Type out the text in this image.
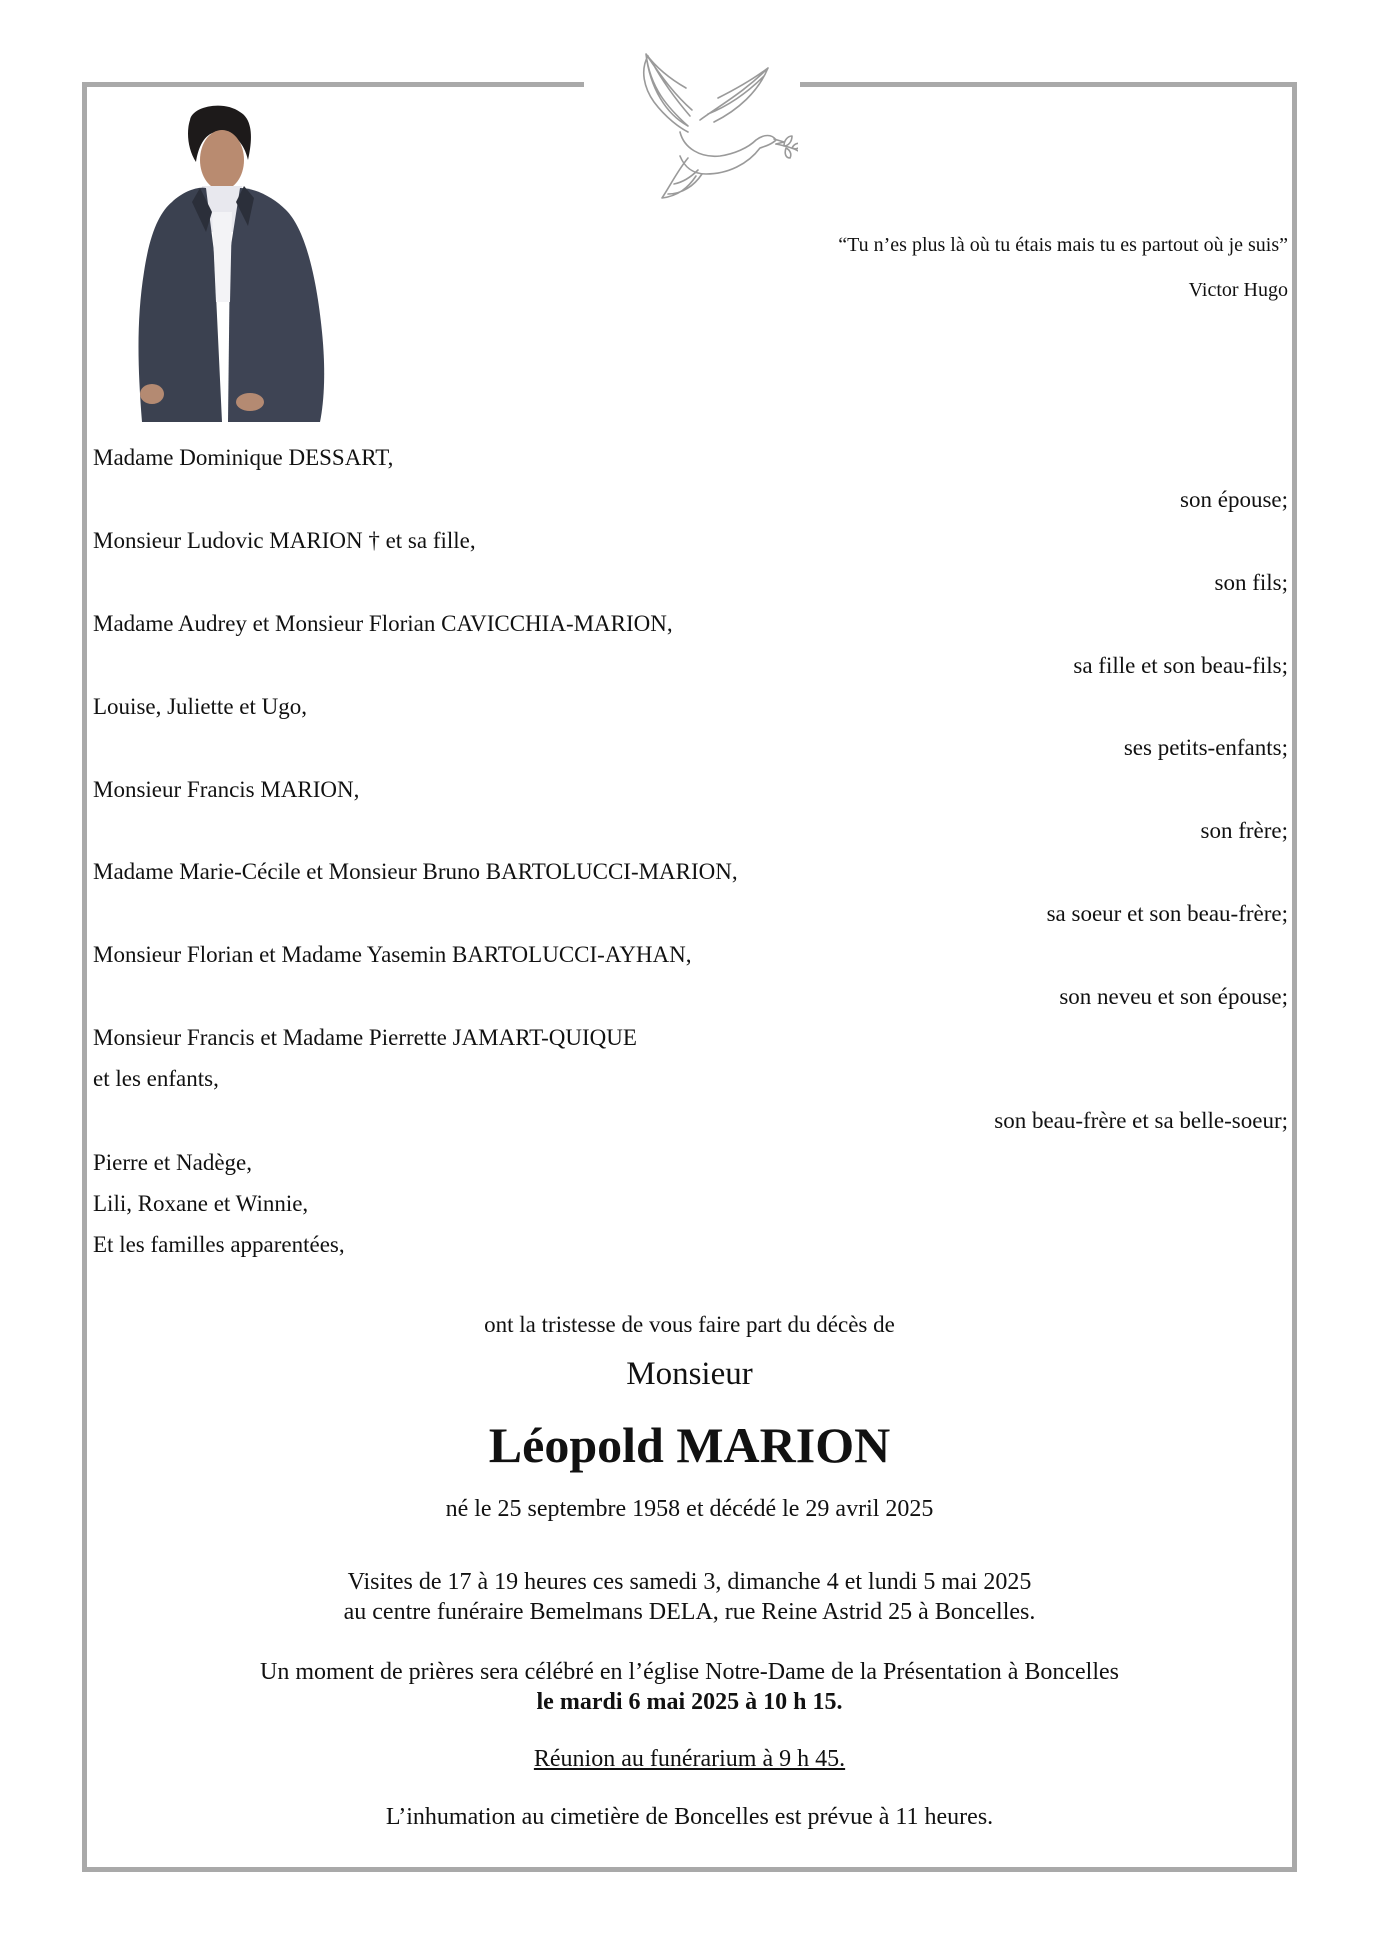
“Tu n’es plus là où tu étais mais tu es partout où je suis”
Victor Hugo
Madame Dominique DESSART,
son épouse;
Monsieur Ludovic MARION † et sa fille,
son fils;
Madame Audrey et Monsieur Florian CAVICCHIA-MARION,
sa fille et son beau-fils;
Louise, Juliette et Ugo,
ses petits-enfants;
Monsieur Francis MARION,
son frère;
Madame Marie-Cécile et Monsieur Bruno BARTOLUCCI-MARION,
sa soeur et son beau-frère;
Monsieur Florian et Madame Yasemin BARTOLUCCI-AYHAN,
son neveu et son épouse;
Monsieur Francis et Madame Pierrette JAMART-QUIQUE
et les enfants,
son beau-frère et sa belle-soeur;
Pierre et Nadège,
Lili, Roxane et Winnie,
Et les familles apparentées,
ont la tristesse de vous faire part du décès de
Monsieur
Léopold MARION
né le 25 septembre 1958 et décédé le 29 avril 2025
Visites de 17 à 19 heures ces samedi 3, dimanche 4 et lundi 5 mai 2025
au centre funéraire Bemelmans DELA, rue Reine Astrid 25 à Boncelles.
Un moment de prières sera célébré en l’église Notre-Dame de la Présentation à Boncelles
le mardi 6 mai 2025 à 10 h 15.
Réunion au funérarium à 9 h 45.
L’inhumation au cimetière de Boncelles est prévue à 11 heures.
